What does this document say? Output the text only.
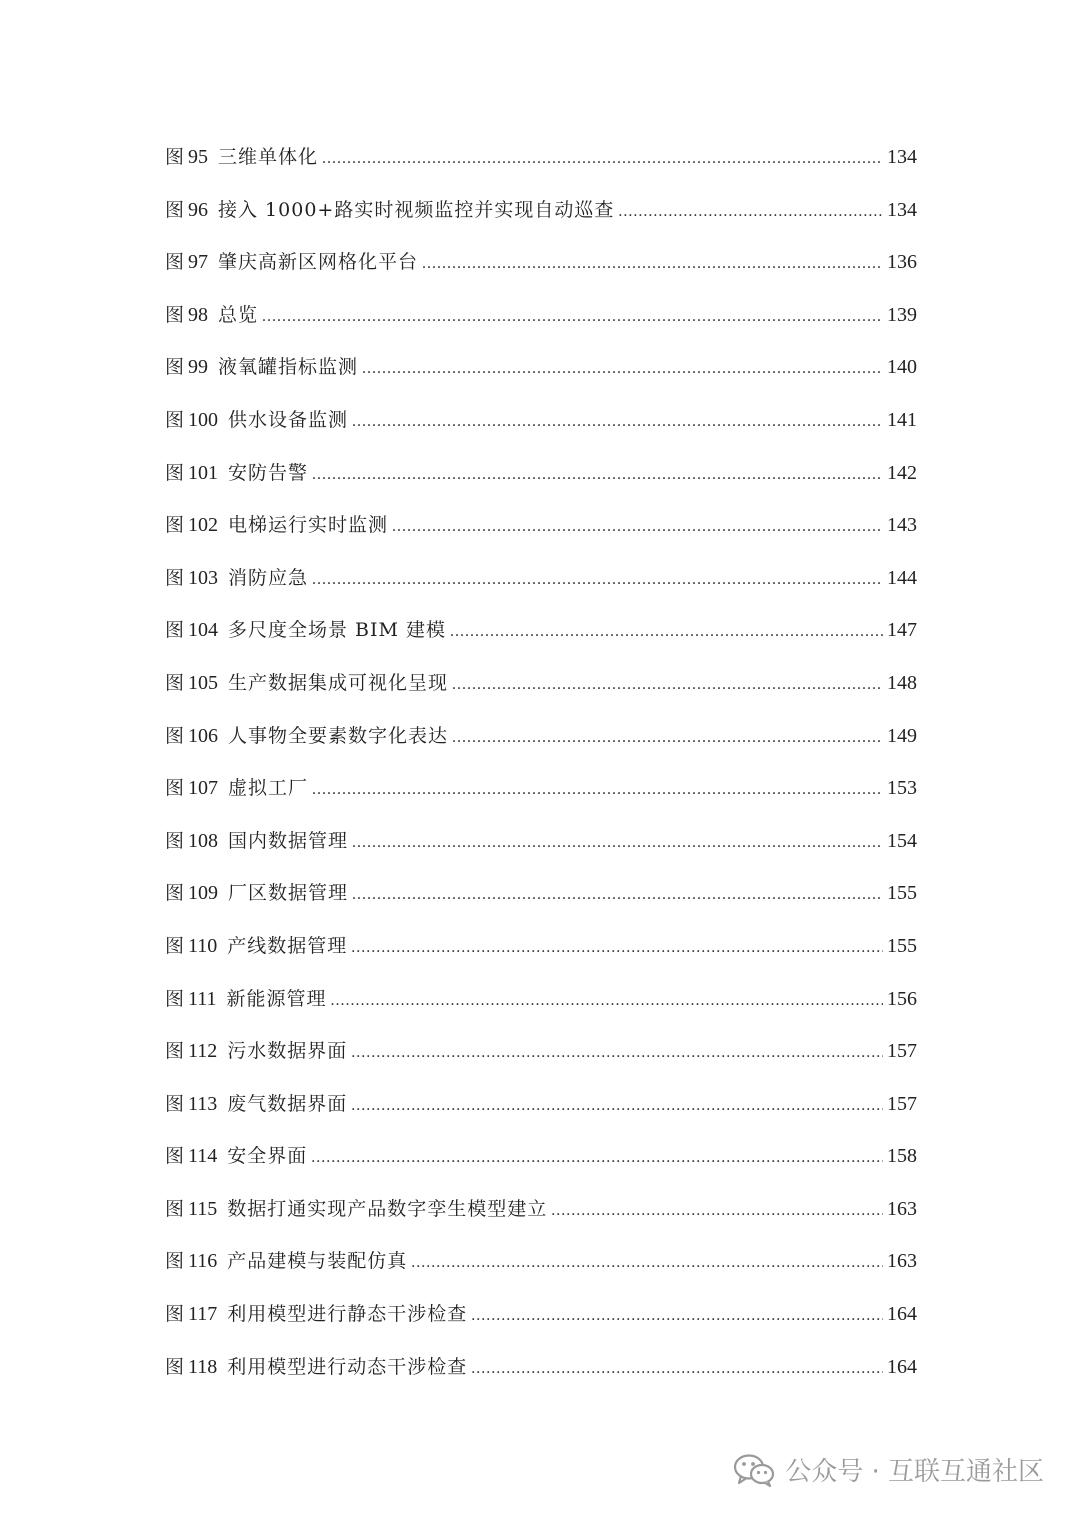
图 95 三维单体化 .....	134
图 96 接入 1000+路实时视频监控并实现自动巡查 .....	134
图 97 肇庆高新区网格化平台 .....	136
图 98 总览 .....	139
图 99 液氧罐指标监测 .....	140
图 100 供水设备监测 .....	141
图 101 安防告警 .....	142
图 102 电梯运行实时监测 .....	143
图 103 消防应急 .....	144
图 104 多尺度全场景 BIM 建模 .....	147
图 105 生产数据集成可视化呈现 .....	148
图 106 人事物全要素数字化表达 .....	149
图 107 虚拟工厂 .....	153
图 108 国内数据管理 .....	154
图 109 厂区数据管理 .....	155
图 110 产线数据管理 .....	155
图 111 新能源管理 .....	156
图 112 污水数据界面 .....	157
图 113 废气数据界面 .....	157
图 114 安全界面 .....	158
图 115 数据打通实现产品数字孪生模型建立 .....	163
图 116 产品建模与装配仿真 .....	163
图 117 利用模型进行静态干涉检查 .....	164
图 118 利用模型进行动态干涉检查 .....	164
公众号 · 互联互通社区
